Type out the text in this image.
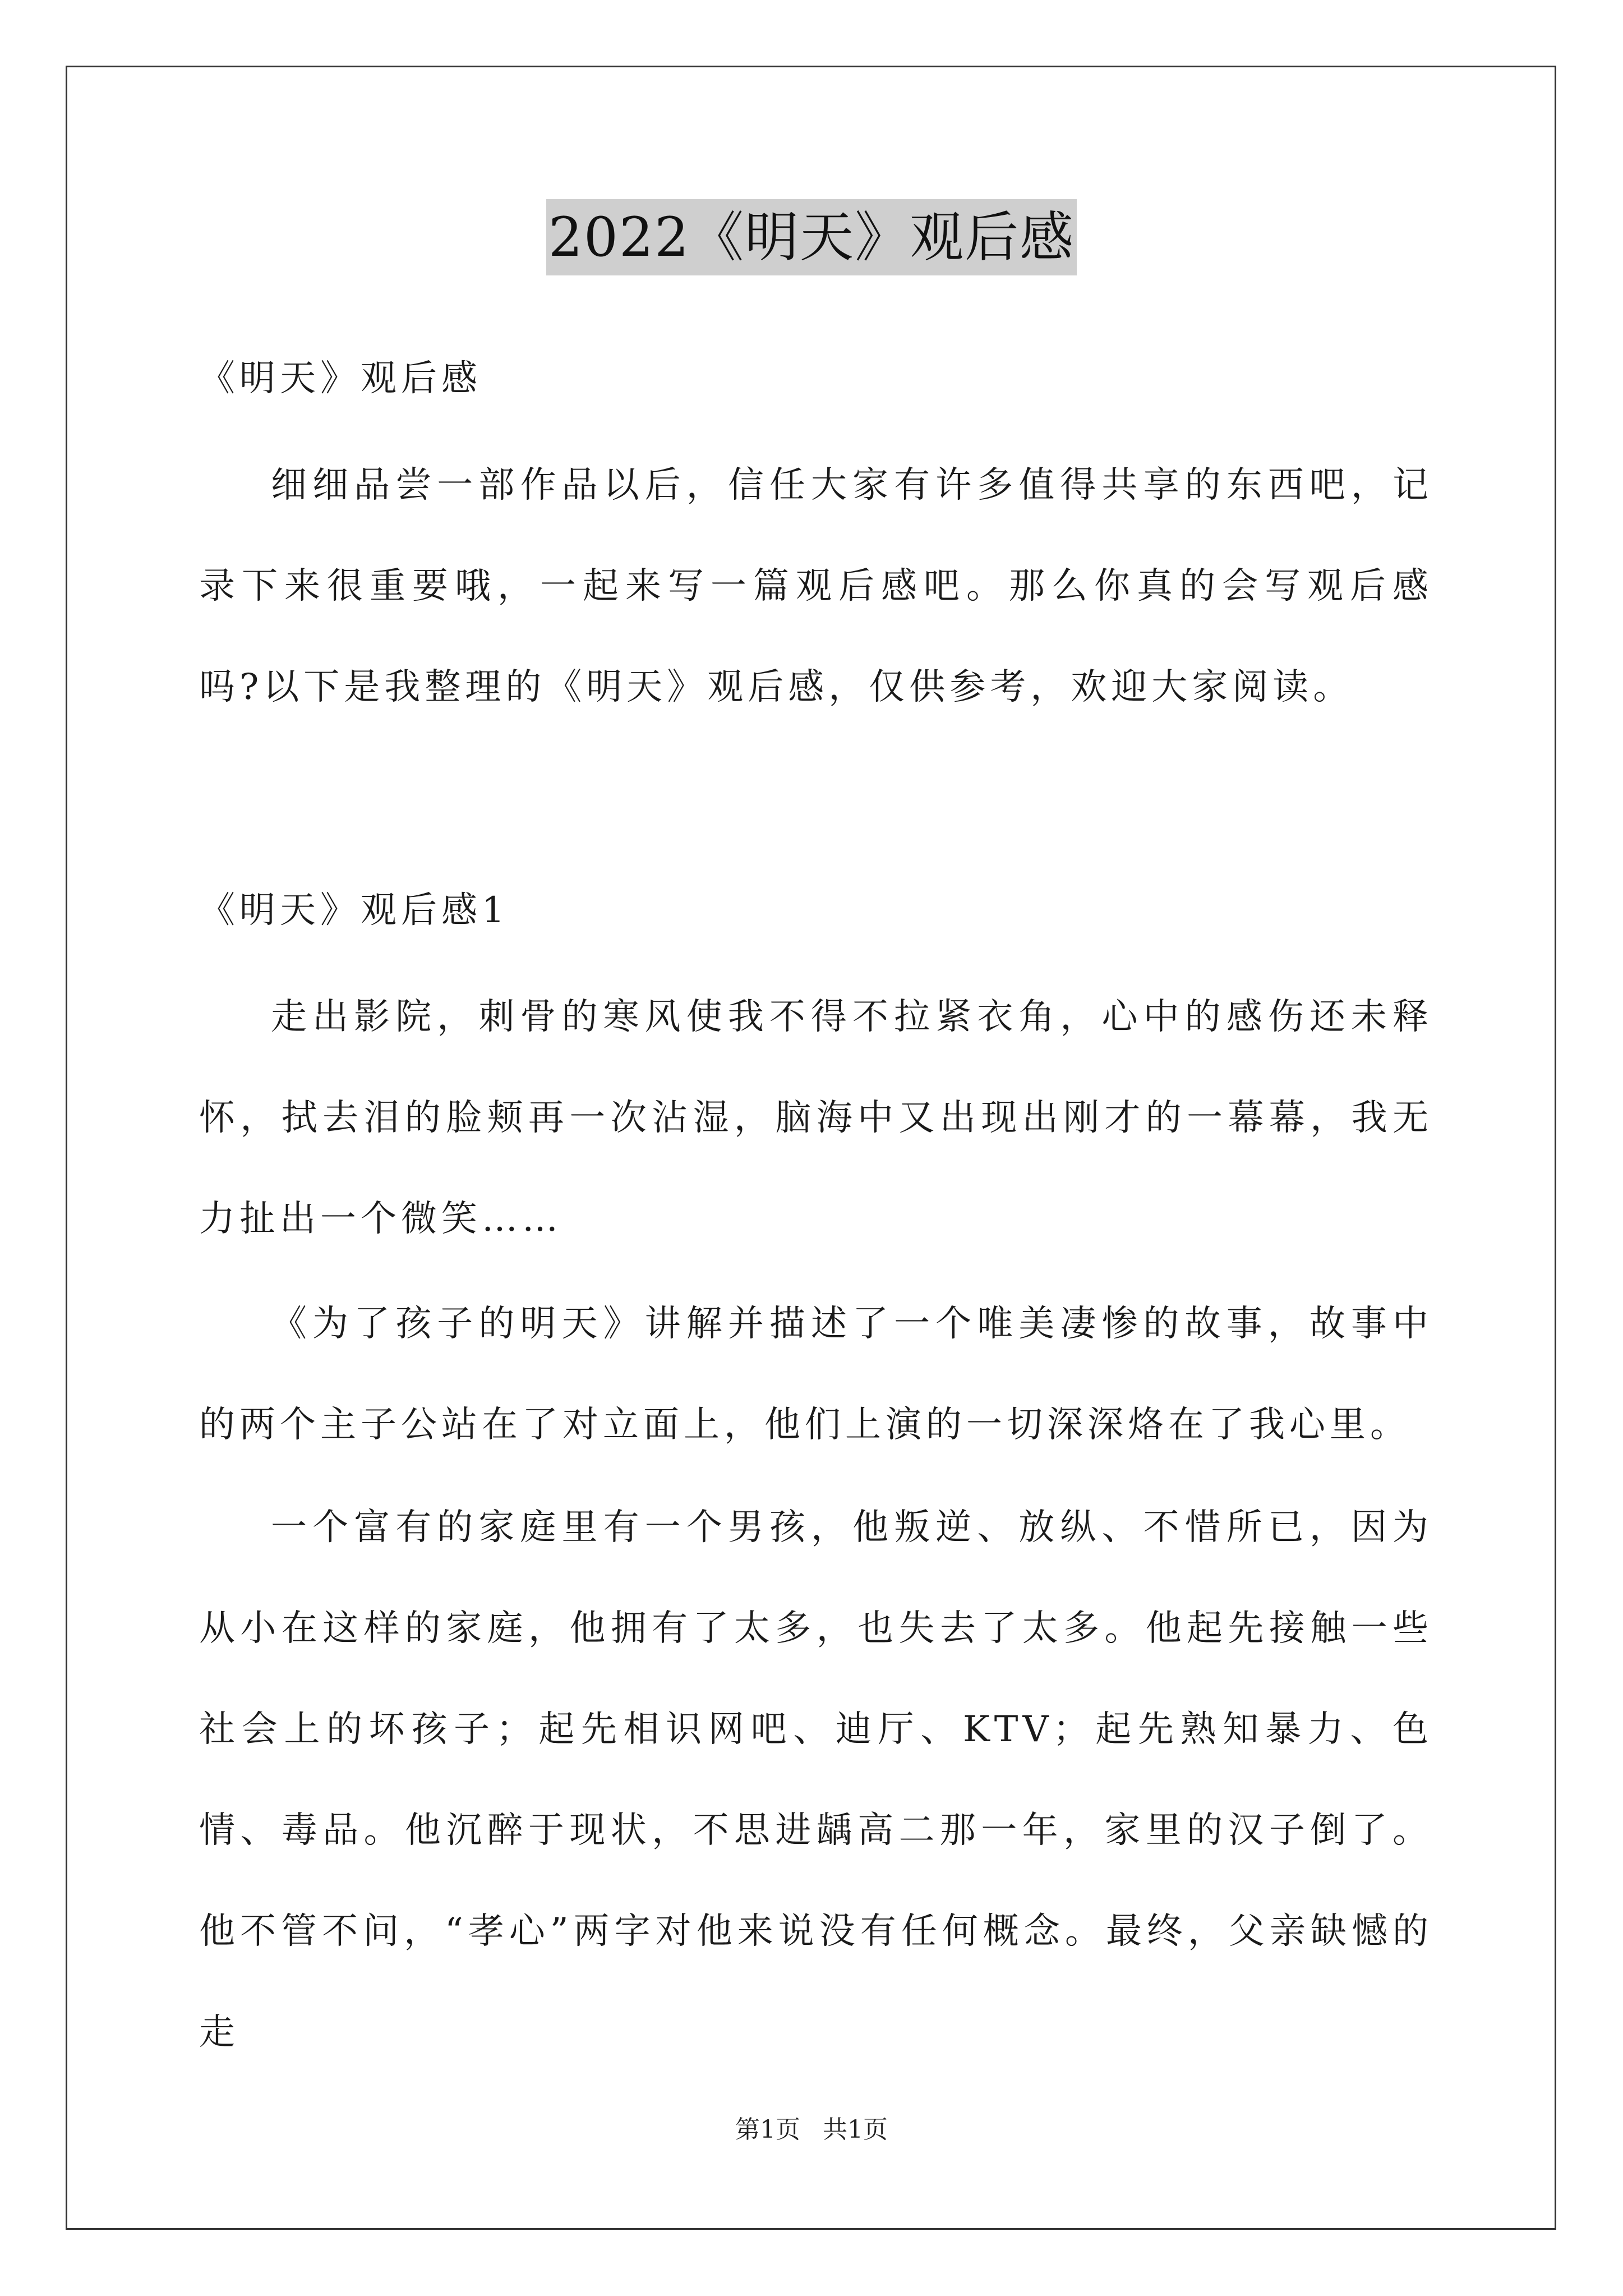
2022《明天》观后感

《明天》观后感

细细品尝一部作品以后，信任大家有许多值得共享的东西吧，记录下来很重要哦，一起来写一篇观后感吧。那么你真的会写观后感吗?以下是我整理的《明天》观后感，仅供参考，欢迎大家阅读。

《明天》观后感1

走出影院，刺骨的寒风使我不得不拉紧衣角，心中的感伤还未释怀，拭去泪的脸颊再一次沾湿，脑海中又出现出刚才的一幕幕，我无力扯出一个微笑……

《为了孩子的明天》讲解并描述了一个唯美凄惨的故事，故事中的两个主子公站在了对立面上，他们上演的一切深深烙在了我心里。

一个富有的家庭里有一个男孩，他叛逆、放纵、不惜所已，因为从小在这样的家庭，他拥有了太多，也失去了太多。他起先接触一些社会上的坏孩子；起先相识网吧、迪厅、KTV；起先熟知暴力、色情、毒品。他沉醉于现状，不思进龋高二那一年，家里的汉子倒了。他不管不问，“孝心”两字对他来说没有任何概念。最终，父亲缺憾的走

第1页 共1页
